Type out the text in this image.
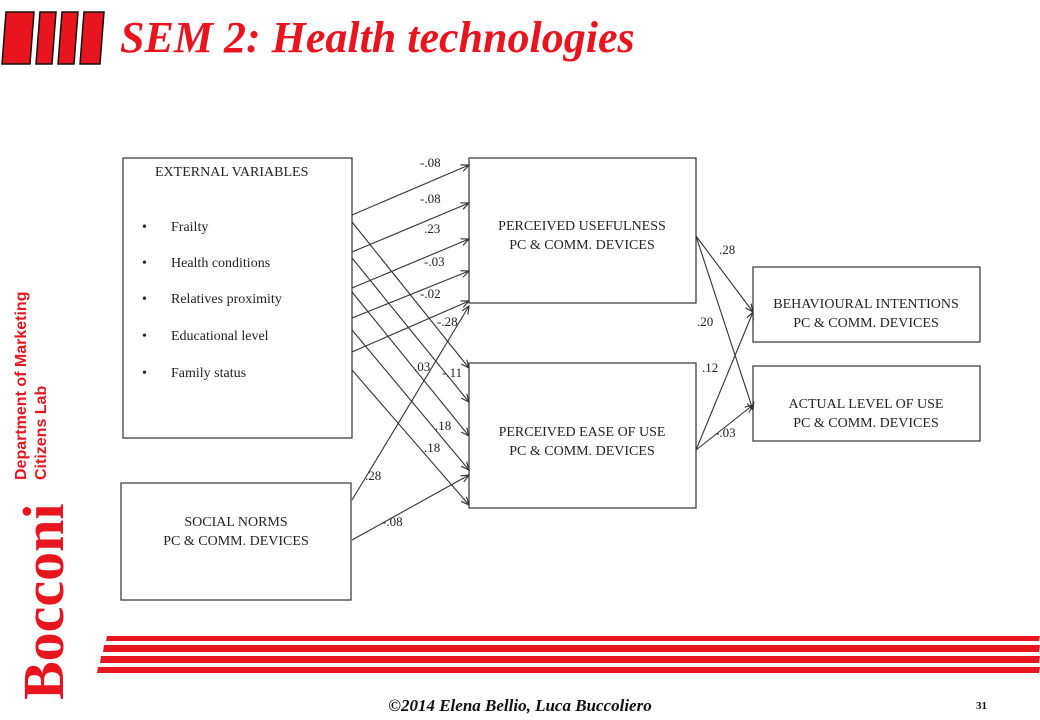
SEM 2: Health technologies
Department of Marketing Citizens Lab
Bocconi
EXTERNAL VARIABLES
• Frailty
• Health conditions
• Relatives proximity
• Educational level
• Family status
SOCIAL NORMS
PC & COMM. DEVICES
PERCEIVED USEFULNESS
PC & COMM. DEVICES
PERCEIVED EASE OF USE
PC & COMM. DEVICES
BEHAVIOURAL INTENTIONS
PC & COMM. DEVICES
ACTUAL LEVEL OF USE
PC & COMM. DEVICES
-.08
-.08
.23
-.03
-.02
-.28
-.11
.18
.18
.03
.28
-.08
.28
.20
.12
-.03
©2014 Elena Bellio, Luca Buccoliero	31
